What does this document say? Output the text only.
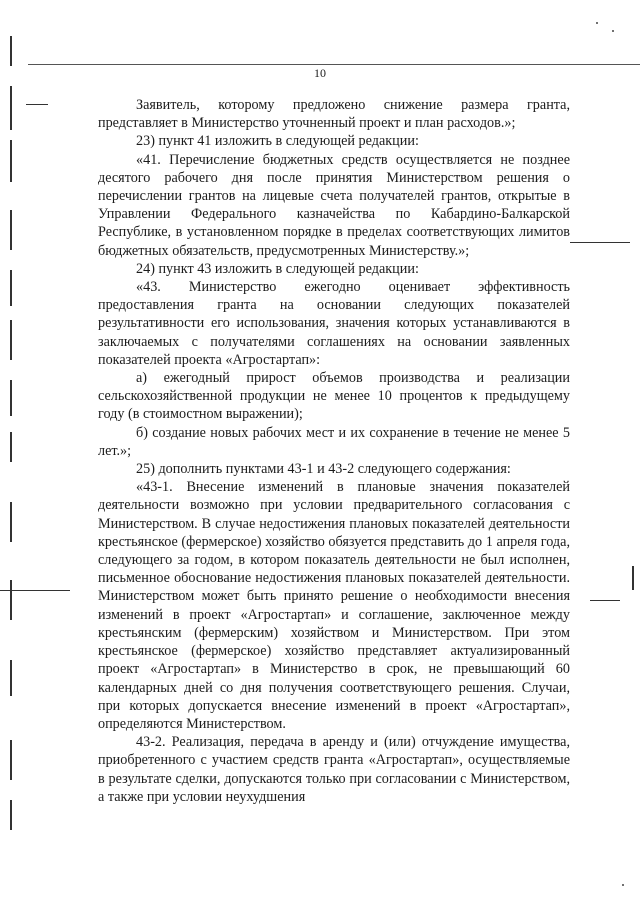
10

Заявитель, которому предложено снижение размера гранта, представляет в Министерство уточненный проект и план расходов.»;

23) пункт 41 изложить в следующей редакции:

«41. Перечисление бюджетных средств осуществляется не позднее десятого рабочего дня после принятия Министерством решения о перечислении грантов на лицевые счета получателей грантов, открытые в Управлении Федерального казначейства по Кабардино-Балкарской Республике, в установленном порядке в пределах соответствующих лимитов бюджетных обязательств, предусмотренных Министерству.»;

24) пункт 43 изложить в следующей редакции:

«43. Министерство ежегодно оценивает эффективность предоставления гранта на основании следующих показателей результативности его использования, значения которых устанавливаются в заключаемых с получателями соглашениях на основании заявленных показателей проекта «Агростартап»:

а) ежегодный прирост объемов производства и реализации сельскохозяйственной продукции не менее 10 процентов к предыдущему году (в стоимостном выражении);

б) создание новых рабочих мест и их сохранение в течение не менее 5 лет.»;

25) дополнить пунктами 43-1 и 43-2 следующего содержания:

«43-1. Внесение изменений в плановые значения показателей деятельности возможно при условии предварительного согласования с Министерством. В случае недостижения плановых показателей деятельности крестьянское (фермерское) хозяйство обязуется представить до 1 апреля года, следующего за годом, в котором показатель деятельности не был исполнен, письменное обоснование недостижения плановых показателей деятельности. Министерством может быть принято решение о необходимости внесения изменений в проект «Агростартап» и соглашение, заключенное между крестьянским (фермерским) хозяйством и Министерством. При этом крестьянское (фермерское) хозяйство представляет актуализированный проект «Агростартап» в Министерство в срок, не превышающий 60 календарных дней со дня получения соответствующего решения. Случаи, при которых допускается внесение изменений в проект «Агростартап», определяются Министерством.

43-2. Реализация, передача в аренду и (или) отчуждение имущества, приобретенного с участием средств гранта «Агростартап», осуществляемые в результате сделки, допускаются только при согласовании с Министерством, а также при условии неухудшения
